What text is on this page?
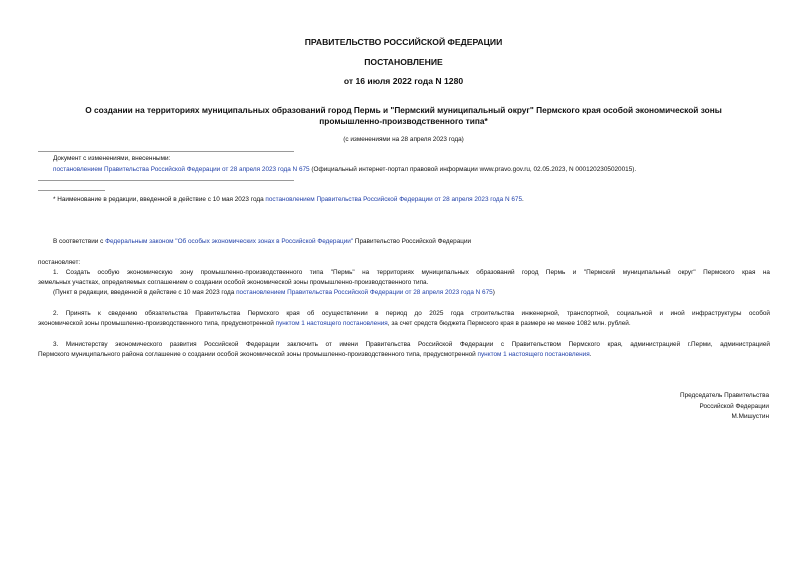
ПРАВИТЕЛЬСТВО РОССИЙСКОЙ ФЕДЕРАЦИИ
ПОСТАНОВЛЕНИЕ
от 16 июля 2022 года N 1280
О создании на территориях муниципальных образований город Пермь и "Пермский муниципальный округ" Пермского края особой экономической зоны
промышленно-производственного типа*
(с изменениями на 28 апреля 2023 года)
Документ с изменениями, внесенными:
постановлением Правительства Российской Федерации от 28 апреля 2023 года N 675 (Официальный интернет-портал правовой информации www.pravo.gov.ru, 02.05.2023, N 0001202305020015).
* Наименование в редакции, введенной в действие с 10 мая 2023 года постановлением Правительства Российской Федерации от 28 апреля 2023 года N 675.
В соответствии с Федеральным законом "Об особых экономических зонах в Российской Федерации" Правительство Российской Федерации
постановляет:
1. Создать особую экономическую зону промышленно-производственного типа "Пермь" на территориях муниципальных образований город Пермь и "Пермский муниципальный округ" Пермского края на
земельных участках, определяемых соглашением о создании особой экономической зоны промышленно-производственного типа.
(Пункт в редакции, введенной в действие с 10 мая 2023 года постановлением Правительства Российской Федерации от 28 апреля 2023 года N 675)
2. Принять к сведению обязательства Правительства Пермского края об осуществлении в период до 2025 года строительства инженерной, транспортной, социальной и иной инфраструктуры особой
экономической зоны промышленно-производственного типа, предусмотренной пунктом 1 настоящего постановления, за счет средств бюджета Пермского края в размере не менее 1082 млн. рублей.
3. Министерству экономического развития Российской Федерации заключить от имени Правительства Российской Федерации с Правительством Пермского края, администрацией г.Перми, администрацией
Пермского муниципального района соглашение о создании особой экономической зоны промышленно-производственного типа, предусмотренной пунктом 1 настоящего постановления.
Председатель Правительства
Российской Федерации
М.Мишустин
